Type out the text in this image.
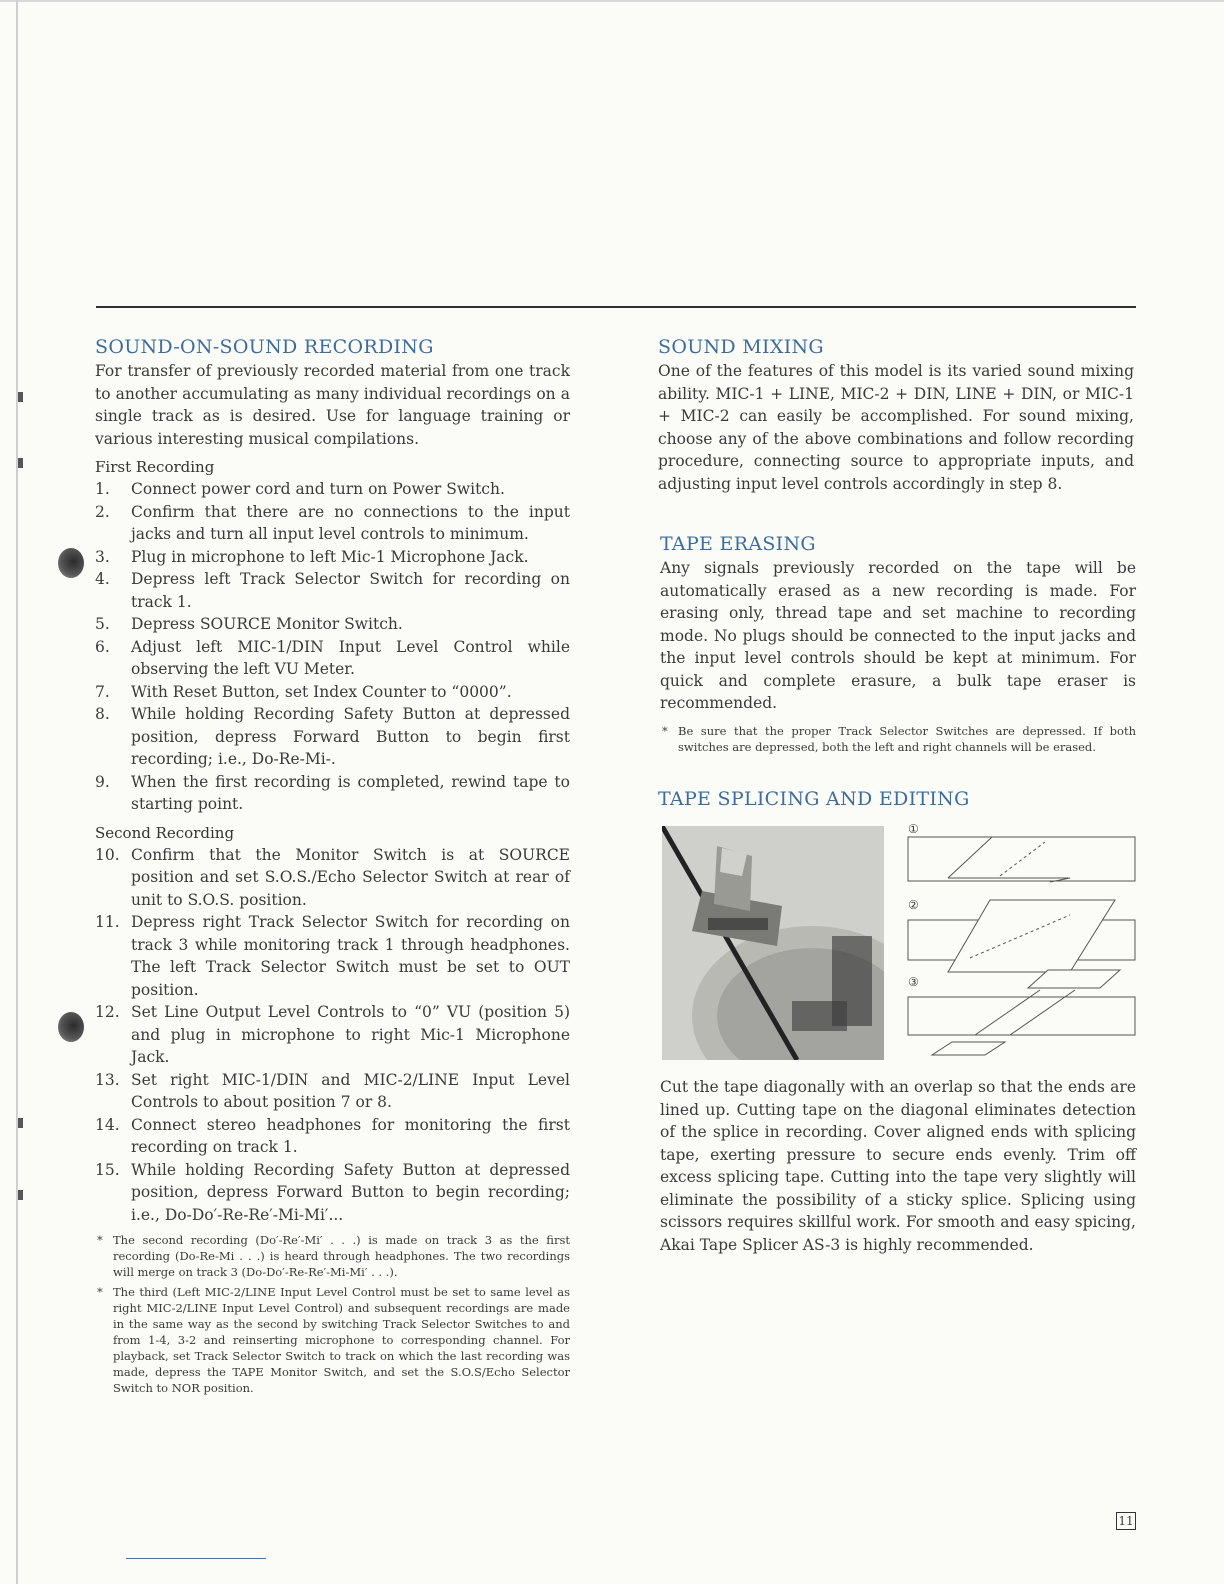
SOUND-ON-SOUND RECORDING

For transfer of previously recorded material from one track to another accumulating as many individual recordings on a single track as is desired. Use for language training or various interesting musical compilations.

First Recording
1. Connect power cord and turn on Power Switch.
2. Confirm that there are no connections to the input jacks and turn all input level controls to minimum.
3. Plug in microphone to left Mic-1 Microphone Jack.
4. Depress left Track Selector Switch for recording on track 1.
5. Depress SOURCE Monitor Switch.
6. Adjust left MIC-1/DIN Input Level Control while observing the left VU Meter.
7. With Reset Button, set Index Counter to “0000”.
8. While holding Recording Safety Button at depressed position, depress Forward Button to begin first recording; i.e., Do-Re-Mi-.
9. When the first recording is completed, rewind tape to starting point.
Second Recording
10. Confirm that the Monitor Switch is at SOURCE position and set S.O.S./Echo Selector Switch at rear of unit to S.O.S. position.
11. Depress right Track Selector Switch for recording on track 3 while monitoring track 1 through headphones. The left Track Selector Switch must be set to OUT position.
12. Set Line Output Level Controls to “0” VU (position 5) and plug in microphone to right Mic-1 Microphone Jack.
13. Set right MIC-1/DIN and MIC-2/LINE Input Level Controls to about position 7 or 8.
14. Connect stereo headphones for monitoring the first recording on track 1.
15. While holding Recording Safety Button at depressed position, depress Forward Button to begin recording; i.e., Do-Do′-Re-Re′-Mi-Mi′...
* The second recording (Do′-Re′-Mi′ . . .) is made on track 3 as the first recording (Do-Re-Mi . . .) is heard through headphones. The two recordings will merge on track 3 (Do-Do′-Re-Re′-Mi-Mi′ . . .).
* The third (Left MIC-2/LINE Input Level Control must be set to same level as right MIC-2/LINE Input Level Control) and subsequent recordings are made in the same way as the second by switching Track Selector Switches to and from 1-4, 3-2 and reinserting microphone to corresponding channel. For playback, set Track Selector Switch to track on which the last recording was made, depress the TAPE Monitor Switch, and set the S.O.S/Echo Selector Switch to NOR position.
SOUND MIXING

One of the features of this model is its varied sound mixing ability. MIC-1 + LINE, MIC-2 + DIN, LINE + DIN, or MIC-1 + MIC-2 can easily be accomplished. For sound mixing, choose any of the above combinations and follow recording procedure, connecting source to appropriate inputs, and adjusting input level controls accordingly in step 8.

TAPE ERASING

Any signals previously recorded on the tape will be automatically erased as a new recording is made. For erasing only, thread tape and set machine to recording mode. No plugs should be connected to the input jacks and the input level controls should be kept at minimum. For quick and complete erasure, a bulk tape eraser is recommended.

* Be sure that the proper Track Selector Switches are depressed. If both switches are depressed, both the left and right channels will be erased.
TAPE SPLICING AND EDITING
①
②
③

Cut the tape diagonally with an overlap so that the ends are lined up. Cutting tape on the diagonal eliminates detection of the splice in recording. Cover aligned ends with splicing tape, exerting pressure to secure ends evenly. Trim off excess splicing tape. Cutting into the tape very slightly will eliminate the possibility of a sticky splice. Splicing using scissors requires skillful work. For smooth and easy spicing, Akai Tape Splicer AS-3 is highly recommended.

11
